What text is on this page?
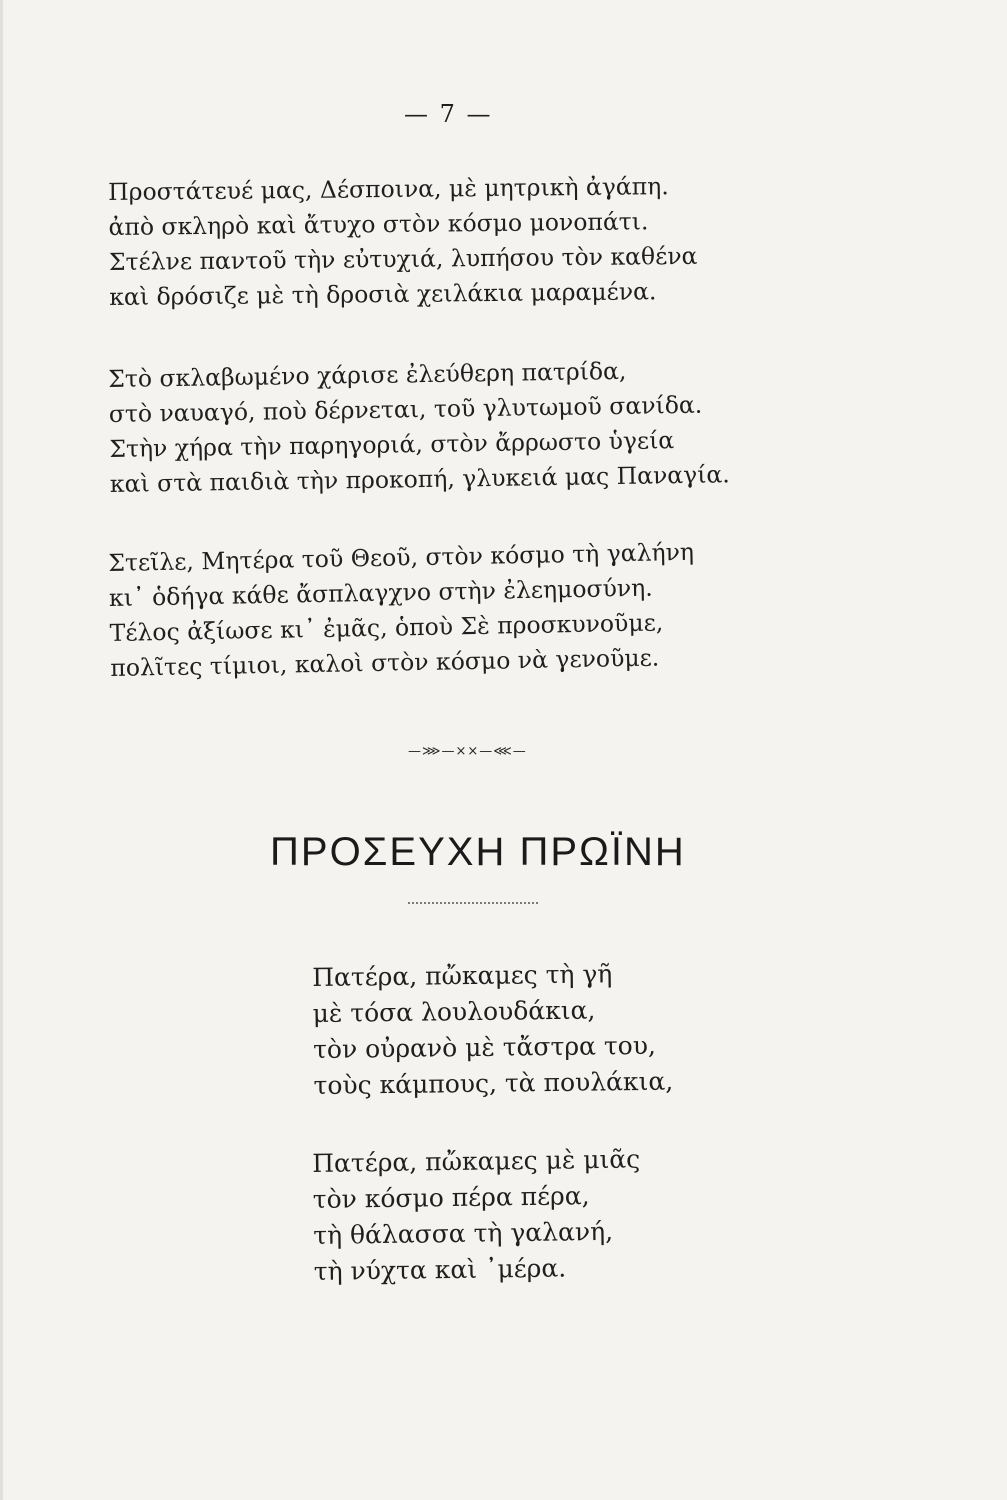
— 7 —
Προστάτευέ μας, Δέσποινα, μὲ μητρικὴ ἀγάπη.
ἀπὸ σκληρὸ καὶ ἄτυχο στὸν κόσμο μονοπάτι.
Στέλνε παντοῦ τὴν εὐτυχιά, λυπήσου τὸν καθένα
καὶ δρόσιζε μὲ τὴ δροσιὰ χειλάκια μαραμένα.
Στὸ σκλαβωμένο χάρισε ἐλεύθερη πατρίδα,
στὸ ναυαγό, ποὺ δέρνεται, τοῦ γλυτωμοῦ σανίδα.
Στὴν χήρα τὴν παρηγοριά, στὸν ἄρρωστο ὑγεία
καὶ στὰ παιδιὰ τὴν προκοπή, γλυκειά μας Παναγία.
Στεῖλε, Μητέρα τοῦ Θεοῦ, στὸν κόσμο τὴ γαλήνη
κι᾿ ὁδήγα κάθε ἄσπλαγχνο στὴν ἐλεημοσύνη.
Τέλος ἀξίωσε κι᾿ ἐμᾶς, ὁποὺ Σὲ προσκυνοῦμε,
πολῖτες τίμιοι, καλοὶ στὸν κόσμο νὰ γενοῦμε.
—⋙—××—⋘—
ΠΡΟΣΕΥΧΗ ΠΡΩΪΝΗ
Πατέρα, πὤκαμες τὴ γῆ
μὲ τόσα λουλουδάκια,
τὸν οὐρανὸ μὲ τἄστρα του,
τοὺς κάμπους, τὰ πουλάκια,
Πατέρα, πὤκαμες μὲ μιᾶς
τὸν κόσμο πέρα πέρα,
τὴ θάλασσα τὴ γαλανή,
τὴ νύχτα καὶ ᾿μέρα.
